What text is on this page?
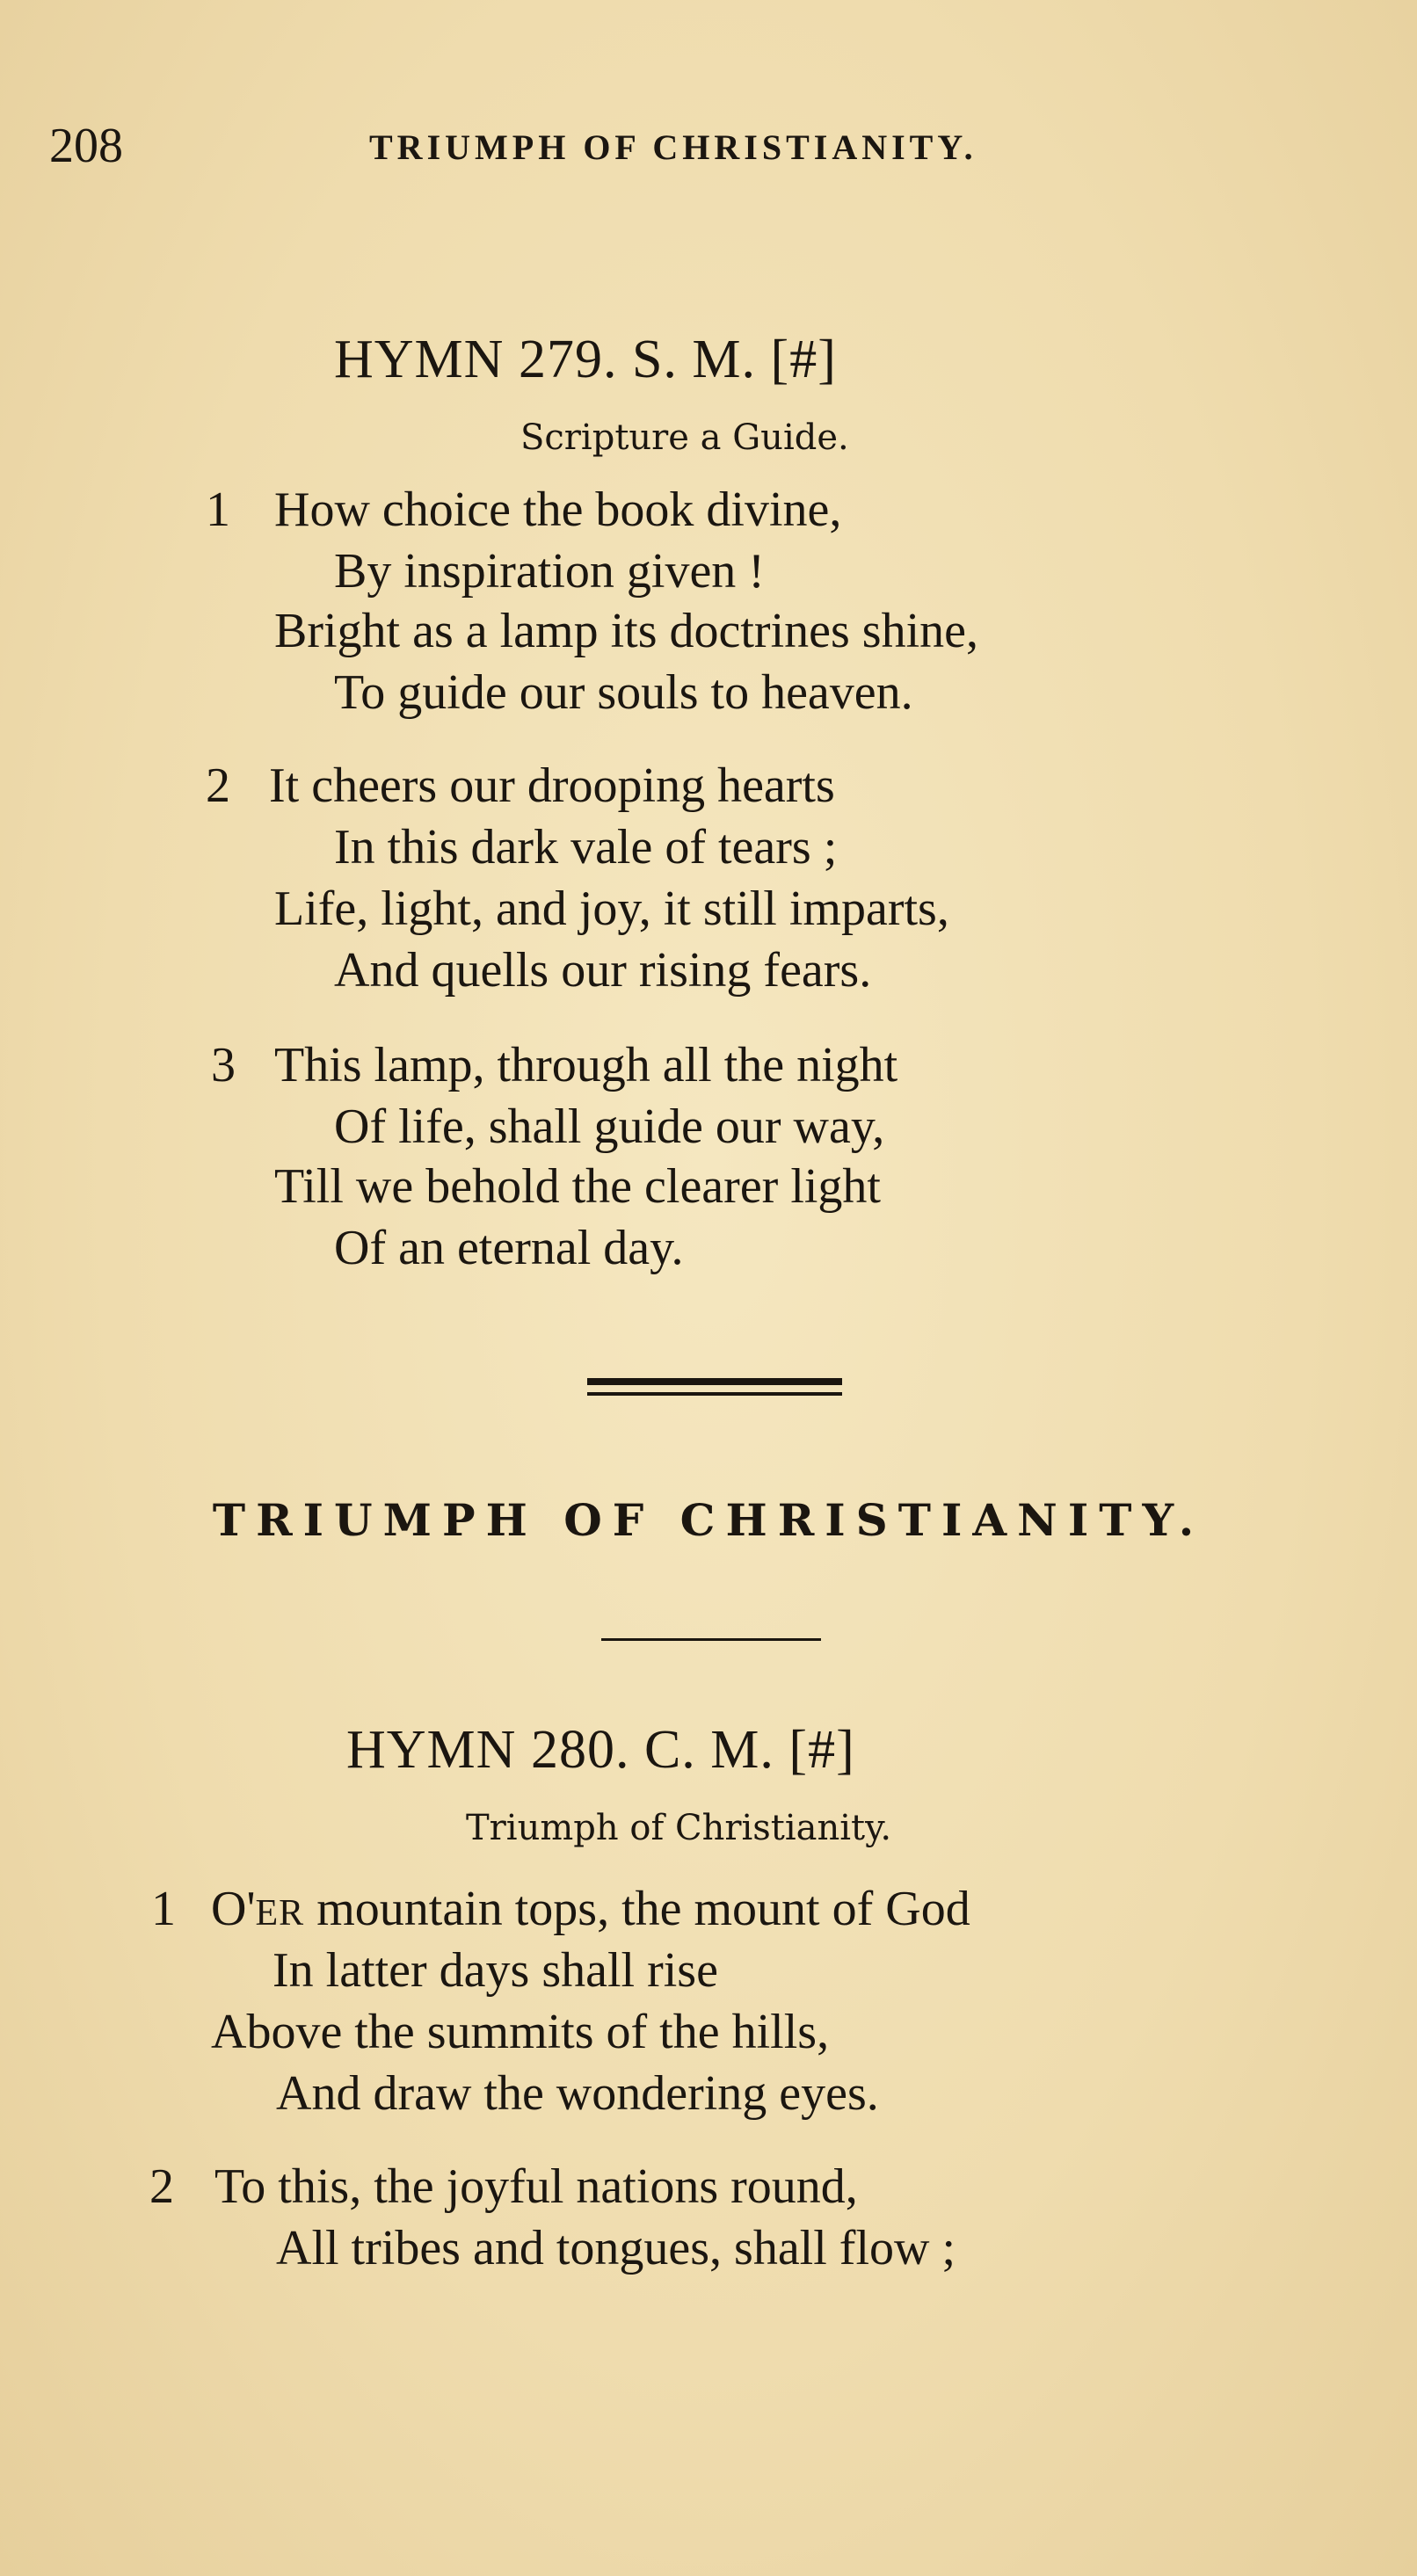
208	TRIUMPH OF CHRISTIANITY.
HYMN 279. S. M. [#]
Scripture a Guide.
1 How choice the book divine,
By inspiration given !
Bright as a lamp its doctrines shine,
To guide our souls to heaven.
2 It cheers our drooping hearts
In this dark vale of tears ;
Life, light, and joy, it still imparts,
And quells our rising fears.
3 This lamp, through all the night
Of life, shall guide our way,
Till we behold the clearer light
Of an eternal day.
TRIUMPH OF CHRISTIANITY.
HYMN 280. C. M. [#]
Triumph of Christianity.
1 O'ER mountain tops, the mount of God
In latter days shall rise
Above the summits of the hills,
And draw the wondering eyes.
2 To this, the joyful nations round,
All tribes and tongues, shall flow ;
